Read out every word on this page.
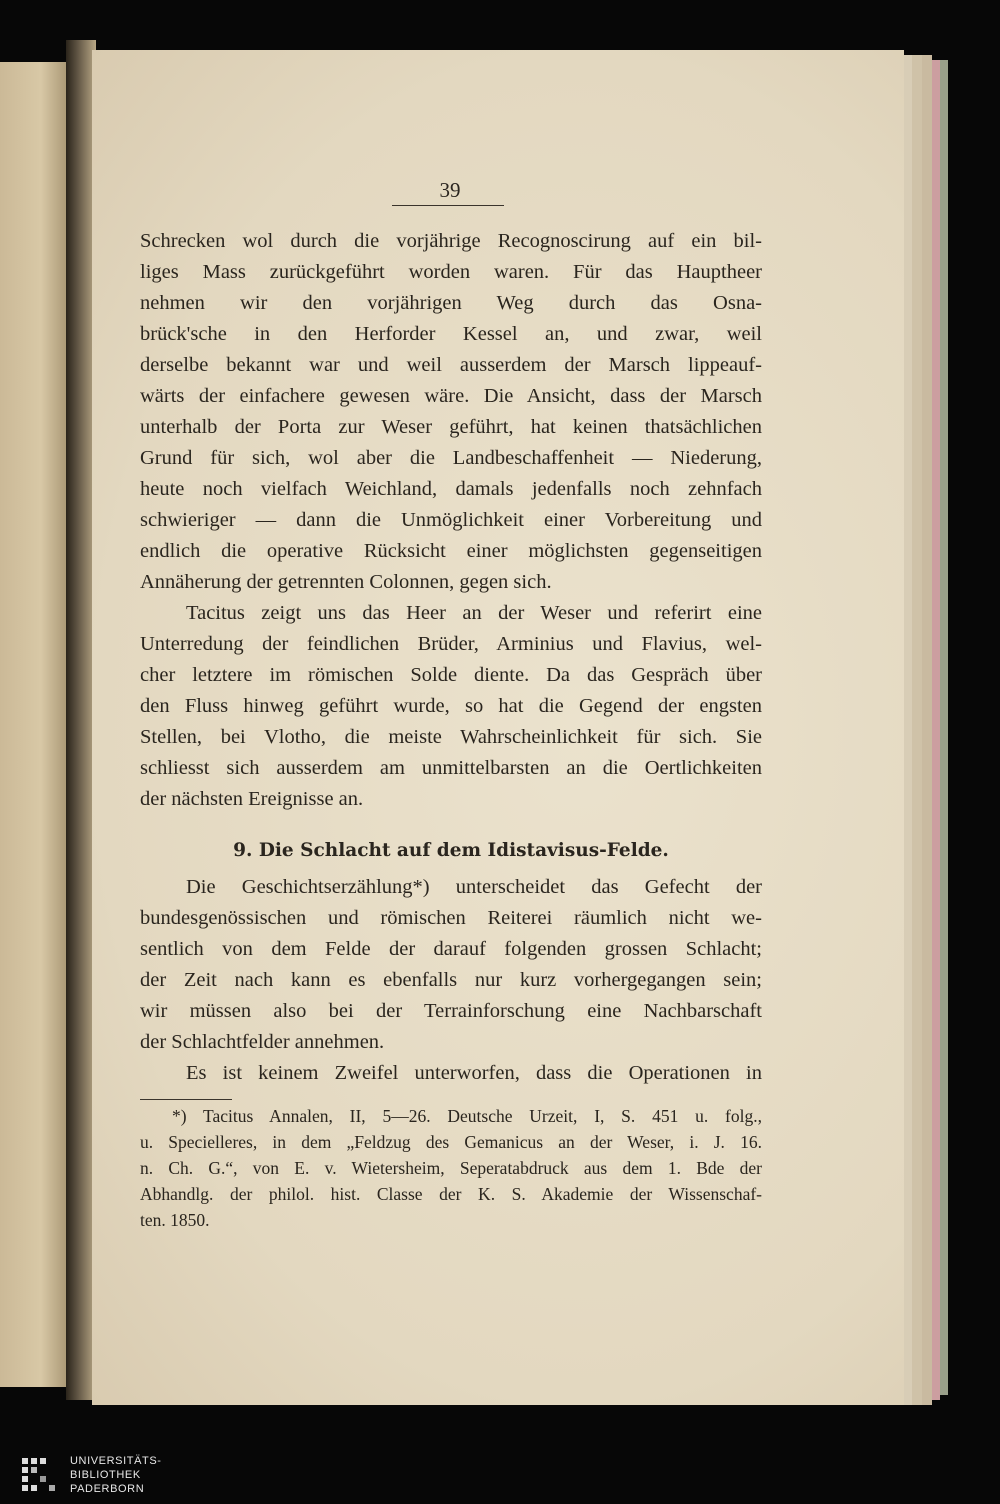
39
Schrecken wol durch die vorjährige Recognoscirung auf ein bil-
liges Mass zurückgeführt worden waren. Für das Hauptheer
nehmen wir den vorjährigen Weg durch das Osna-
brück'sche in den Herforder Kessel an, und zwar, weil
derselbe bekannt war und weil ausserdem der Marsch lippeauf-
wärts der einfachere gewesen wäre. Die Ansicht, dass der Marsch
unterhalb der Porta zur Weser geführt, hat keinen thatsächlichen
Grund für sich, wol aber die Landbeschaffenheit — Niederung,
heute noch vielfach Weichland, damals jedenfalls noch zehnfach
schwieriger — dann die Unmöglichkeit einer Vorbereitung und
endlich die operative Rücksicht einer möglichsten gegenseitigen
Annäherung der getrennten Colonnen, gegen sich.
Tacitus zeigt uns das Heer an der Weser und referirt eine
Unterredung der feindlichen Brüder, Arminius und Flavius, wel-
cher letztere im römischen Solde diente. Da das Gespräch über
den Fluss hinweg geführt wurde, so hat die Gegend der engsten
Stellen, bei Vlotho, die meiste Wahrscheinlichkeit für sich. Sie
schliesst sich ausserdem am unmittelbarsten an die Oertlichkeiten
der nächsten Ereignisse an.
9. Die Schlacht auf dem Idistavisus-Felde.
Die Geschichtserzählung*) unterscheidet das Gefecht der
bundesgenössischen und römischen Reiterei räumlich nicht we-
sentlich von dem Felde der darauf folgenden grossen Schlacht;
der Zeit nach kann es ebenfalls nur kurz vorhergegangen sein;
wir müssen also bei der Terrainforschung eine Nachbarschaft
der Schlachtfelder annehmen.
Es ist keinem Zweifel unterworfen, dass die Operationen in
*) Tacitus Annalen, II, 5—26. Deutsche Urzeit, I, S. 451 u. folg.,
u. Specielleres, in dem „Feldzug des Gemanicus an der Weser, i. J. 16.
n. Ch. G.“, von E. v. Wietersheim, Seperatabdruck aus dem 1. Bde der
Abhandlg. der philol. hist. Classe der K. S. Akademie der Wissenschaf-
ten. 1850.
UNIVERSITÄTS-
BIBLIOTHEK
PADERBORN
